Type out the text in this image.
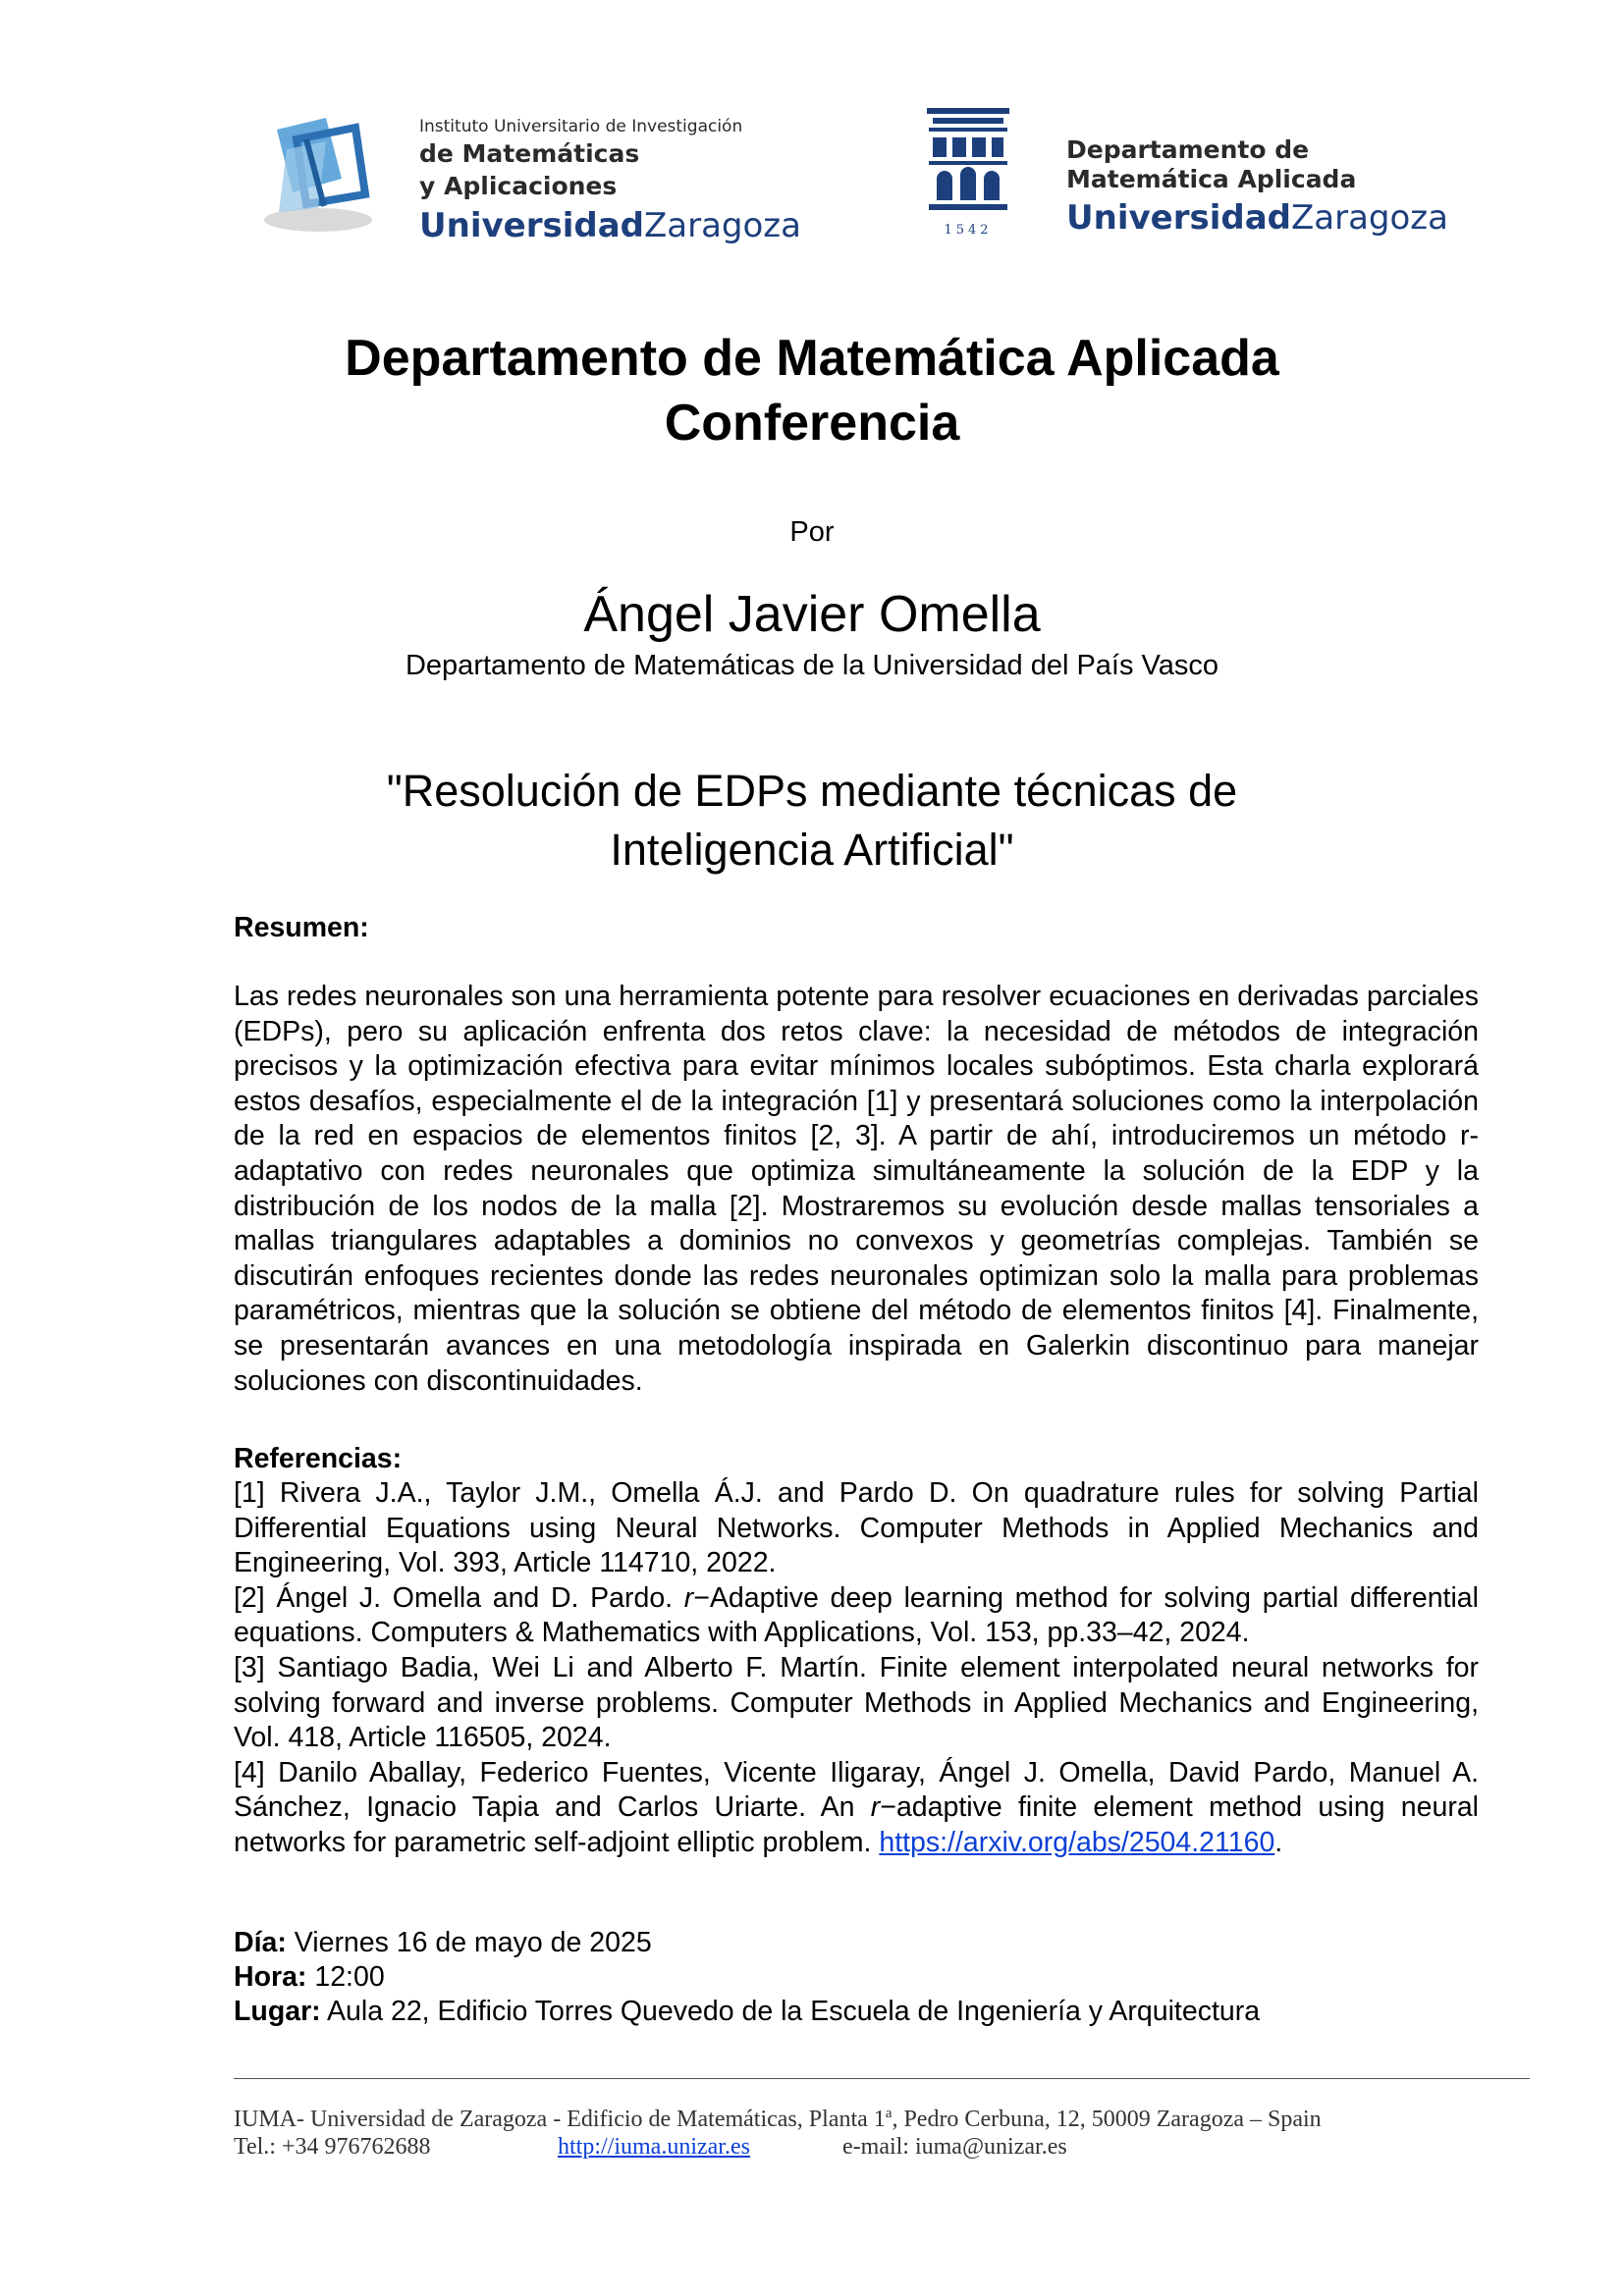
Instituto Universitario de Investigación
de Matemáticas
y Aplicaciones
UniversidadZaragoza	1542
Departamento de
Matemática Aplicada
UniversidadZaragoza
Departamento de Matemática Aplicada
Conferencia
Por
Ángel Javier Omella
Departamento de Matemáticas de la Universidad del País Vasco
"Resolución de EDPs mediante técnicas de
Inteligencia Artificial"
Resumen:
Las redes neuronales son una herramienta potente para resolver ecuaciones en derivadas parciales (EDPs), pero su aplicación enfrenta dos retos clave: la necesidad de métodos de integración precisos y la optimización efectiva para evitar mínimos locales subóptimos. Esta charla explorará estos desafíos, especialmente el de la integración [1] y presentará soluciones como la interpolación de la red en espacios de elementos finitos [2, 3]. A partir de ahí, introduciremos un método r-adaptativo con redes neuronales que optimiza simultáneamente la solución de la EDP y la distribución de los nodos de la malla [2]. Mostraremos su evolución desde mallas tensoriales a mallas triangulares adaptables a dominios no convexos y geometrías complejas. También se discutirán enfoques recientes donde las redes neuronales optimizan solo la malla para problemas paramétricos, mientras que la solución se obtiene del método de elementos finitos [4]. Finalmente, se presentarán avances en una metodología inspirada en Galerkin discontinuo para manejar soluciones con discontinuidades.
Referencias:
[1] Rivera J.A., Taylor J.M., Omella Á.J. and Pardo D. On quadrature rules for solving Partial Differential Equations using Neural Networks. Computer Methods in Applied Mechanics and Engineering, Vol. 393, Article 114710, 2022.
[2] Ángel J. Omella and D. Pardo. r−Adaptive deep learning method for solving partial differential equations. Computers & Mathematics with Applications, Vol. 153, pp.33–42, 2024.
[3] Santiago Badia, Wei Li and Alberto F. Martín. Finite element interpolated neural networks for solving forward and inverse problems. Computer Methods in Applied Mechanics and Engineering, Vol. 418, Article 116505, 2024.
[4] Danilo Aballay, Federico Fuentes, Vicente Iligaray, Ángel J. Omella, David Pardo, Manuel A. Sánchez, Ignacio Tapia and Carlos Uriarte. An r−adaptive finite element method using neural networks for parametric self-adjoint elliptic problem. https://arxiv.org/abs/2504.21160.
Día: Viernes 16 de mayo de 2025
Hora: 12:00
Lugar: Aula 22, Edificio Torres Quevedo de la Escuela de Ingeniería y Arquitectura
IUMA- Universidad de Zaragoza - Edificio de Matemáticas, Planta 1$^a$, Pedro Cerbuna, 12, 50009 Zaragoza – Spain
Tel.: +34 976762688	http://iuma.unizar.es	e-mail: iuma@unizar.es
